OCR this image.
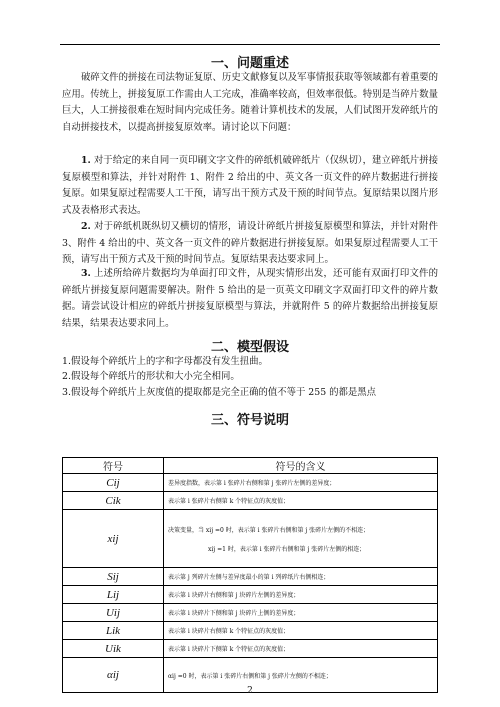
一、问题重述
破碎文件的拼接在司法物证复原、历史文献修复以及军事情报获取等领域都有着重要的应用。传统上，拼接复原工作需由人工完成，准确率较高，但效率很低。特别是当碎片数量巨大，人工拼接很难在短时间内完成任务。随着计算机技术的发展，人们试图开发碎纸片的自动拼接技术，以提高拼接复原效率。请讨论以下问题：
1. 对于给定的来自同一页印刷文字文件的碎纸机破碎纸片（仅纵切），建立碎纸片拼接复原模型和算法，并针对附件 1、附件 2 给出的中、英文各一页文件的碎片数据进行拼接复原。如果复原过程需要人工干预，请写出干预方式及干预的时间节点。复原结果以图片形式及表格形式表达。
2. 对于碎纸机既纵切又横切的情形，请设计碎纸片拼接复原模型和算法，并针对附件 3、附件 4 给出的中、英文各一页文件的碎片数据进行拼接复原。如果复原过程需要人工干预，请写出干预方式及干预的时间节点。复原结果表达要求同上。
3. 上述所给碎片数据均为单面打印文件，从现实情形出发，还可能有双面打印文件的碎纸片拼接复原问题需要解决。附件 5 给出的是一页英文印刷文字双面打印文件的碎片数据。请尝试设计相应的碎纸片拼接复原模型与算法，并就附件 5 的碎片数据给出拼接复原结果，结果表达要求同上。
二、模型假设
1.假设每个碎纸片上的字和字母都没有发生扭曲。
2.假设每个碎纸片的形状和大小完全相同。
3.假设每个碎纸片上灰度值的提取都是完全正确的值不等于 255 的都是黑点
三、符号说明
符号	符号的含义
Cij	差异度指数，表示第 i 张碎片右侧和第 j 张碎片左侧的差异度；
Cik	表示第 i 张碎片右侧第 k 个特征点的灰度值；
xij	决策变量，当 xij =0 时，表示第 i 张碎片右侧和第 j 张碎片左侧的不相连；
xij =1 时，表示第 i 张碎片右侧和第 j 张碎片左侧的相连；

Sij	表示第 j 列碎片左侧与差异度最小的第 i 列碎纸片右侧相连；
Lij	表示第 i 块碎片右侧和第 j 块碎片左侧的差异度；
Uij	表示第 i 块碎片下侧和第 j 块碎片上侧的差异度；
Lik	表示第 i 块碎片右侧第 k 个特征点的灰度值；
Uik	表示第 i 块碎片下侧第 k 个特征点的灰度值；
αij	αij =0 时，表示第 i 张碎片右侧和第 j 张碎片左侧的不相连；
2
